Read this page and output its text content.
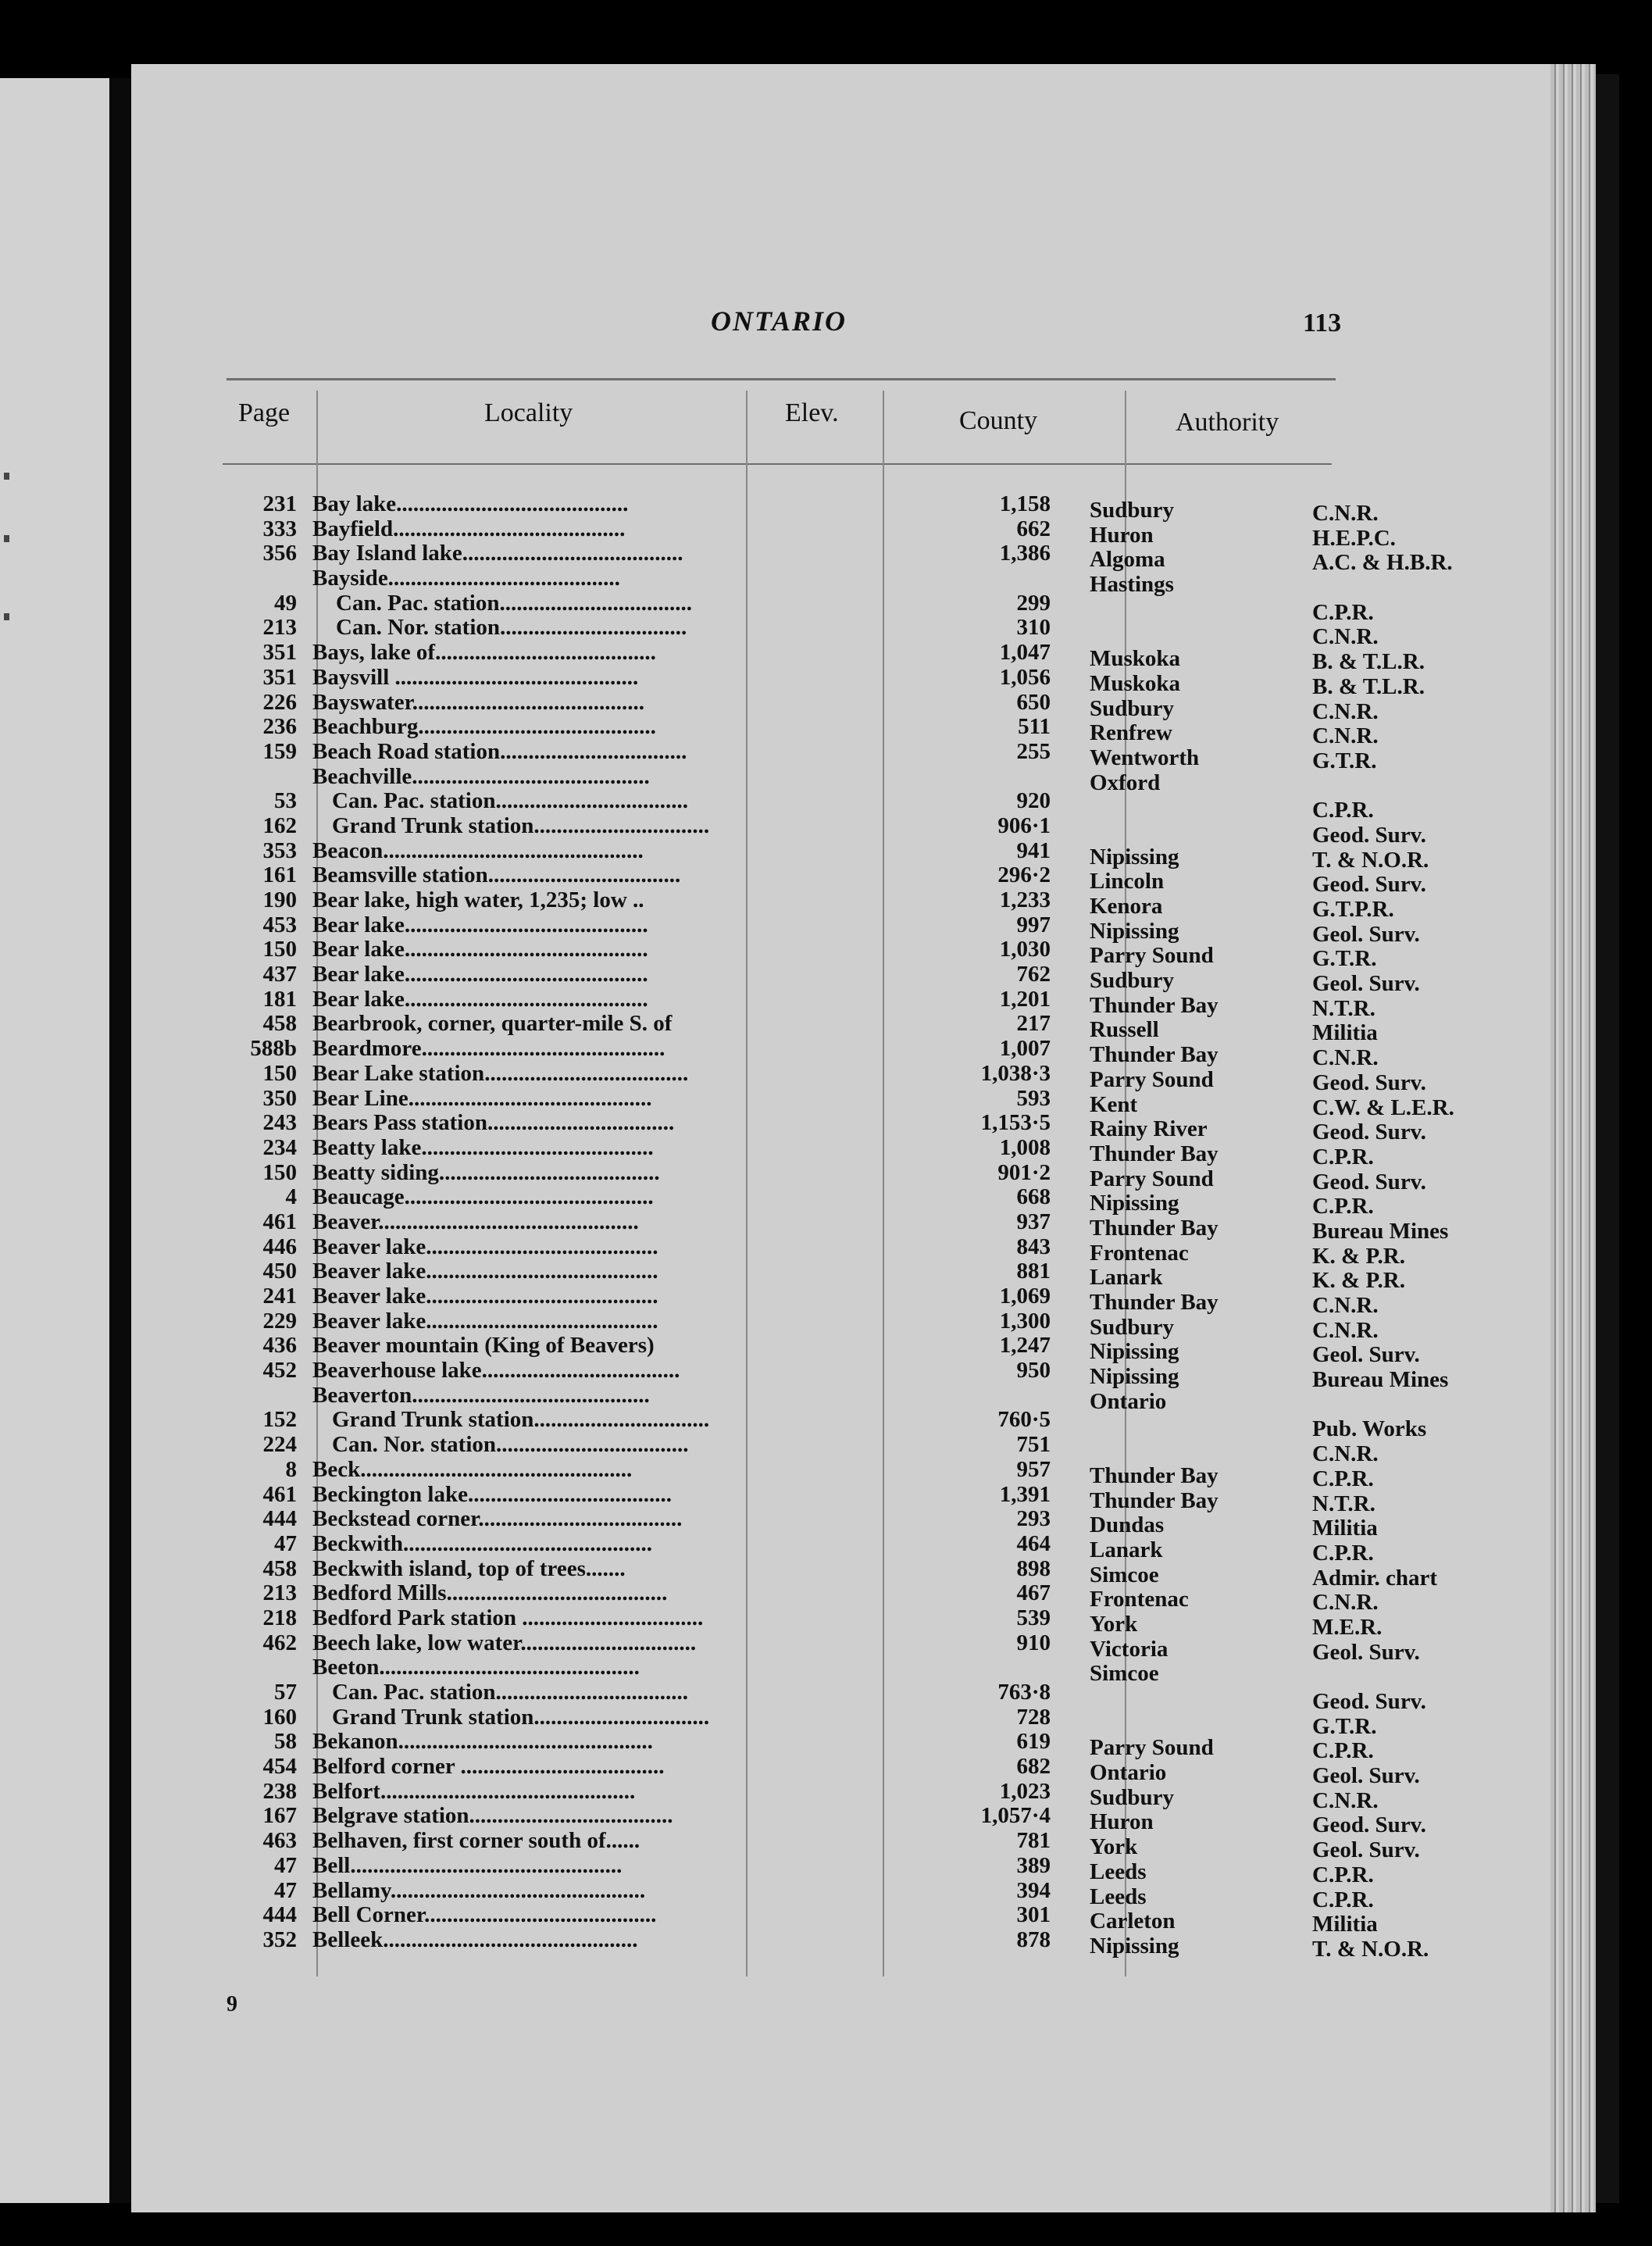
ONTARIO	113
Page	Locality	Elev.	County	Authority
231 Bay lake.........................................	1,158 Sudbury	C.N.R.
333 Bayfield.........................................	662 Huron	H.E.P.C.
356 Bay Island lake.......................................	1,386 Algoma	A.C. & H.B.R.
Bayside.........................................	Hastings
49 Can. Pac. station..................................	299	C.P.R.
213 Can. Nor. station.................................	310	C.N.R.
351 Bays, lake of.......................................	1,047 Muskoka	B. & T.L.R.
351 Baysvill ...........................................	1,056 Muskoka	B. & T.L.R.
226 Bayswater.........................................	650 Sudbury	C.N.R.
236 Beachburg..........................................	511 Renfrew	C.N.R.
159 Beach Road station.................................	255 Wentworth	G.T.R.
Beachville..........................................	Oxford
53 Can. Pac. station..................................	920	C.P.R.
162 Grand Trunk station...............................	906·1	Geod. Surv.
353 Beacon..............................................	941 Nipissing	T. & N.O.R.
161 Beamsville station..................................	296·2 Lincoln	Geod. Surv.
190 Bear lake, high water, 1,235; low ..	1,233 Kenora	G.T.P.R.
453 Bear lake...........................................	997 Nipissing	Geol. Surv.
150 Bear lake...........................................	1,030 Parry Sound	G.T.R.
437 Bear lake...........................................	762 Sudbury	Geol. Surv.
181 Bear lake...........................................	1,201 Thunder Bay	N.T.R.
458 Bearbrook, corner, quarter-mile S. of	217 Russell	Militia
588b Beardmore...........................................	1,007 Thunder Bay	C.N.R.
150 Bear Lake station....................................	1,038·3 Parry Sound	Geod. Surv.
350 Bear Line...........................................	593 Kent	C.W. & L.E.R.
243 Bears Pass station.................................	1,153·5 Rainy River	Geod. Surv.
234 Beatty lake.........................................	1,008 Thunder Bay	C.P.R.
150 Beatty siding.......................................	901·2 Parry Sound	Geod. Surv.
4 Beaucage............................................	668 Nipissing	C.P.R.
461 Beaver..............................................	937 Thunder Bay	Bureau Mines
446 Beaver lake.........................................	843 Frontenac	K. & P.R.
450 Beaver lake.........................................	881 Lanark	K. & P.R.
241 Beaver lake.........................................	1,069 Thunder Bay	C.N.R.
229 Beaver lake.........................................	1,300 Sudbury	C.N.R.
436 Beaver mountain (King of Beavers)	1,247 Nipissing	Geol. Surv.
452 Beaverhouse lake...................................	950 Nipissing	Bureau Mines
Beaverton..........................................	Ontario
152 Grand Trunk station...............................	760·5	Pub. Works
224 Can. Nor. station..................................	751	C.N.R.
8 Beck................................................	957 Thunder Bay	C.P.R.
461 Beckington lake....................................	1,391 Thunder Bay	N.T.R.
444 Beckstead corner....................................	293 Dundas	Militia
47 Beckwith............................................	464 Lanark	C.P.R.
458 Beckwith island, top of trees.......	898 Simcoe	Admir. chart
213 Bedford Mills.......................................	467 Frontenac	C.N.R.
218 Bedford Park station ................................	539 York	M.E.R.
462 Beech lake, low water...............................	910 Victoria	Geol. Surv.
Beeton..............................................	Simcoe
57 Can. Pac. station..................................	763·8	Geod. Surv.
160 Grand Trunk station...............................	728	G.T.R.
58 Bekanon.............................................	619 Parry Sound	C.P.R.
454 Belford corner ....................................	682 Ontario	Geol. Surv.
238 Belfort.............................................	1,023 Sudbury	C.N.R.
167 Belgrave station....................................	1,057·4 Huron	Geod. Surv.
463 Belhaven, first corner south of......	781 York	Geol. Surv.
47 Bell................................................	389 Leeds	C.P.R.
47 Bellamy.............................................	394 Leeds	C.P.R.
444 Bell Corner.........................................	301 Carleton	Militia
352 Belleek.............................................	878 Nipissing	T. & N.O.R.
9
